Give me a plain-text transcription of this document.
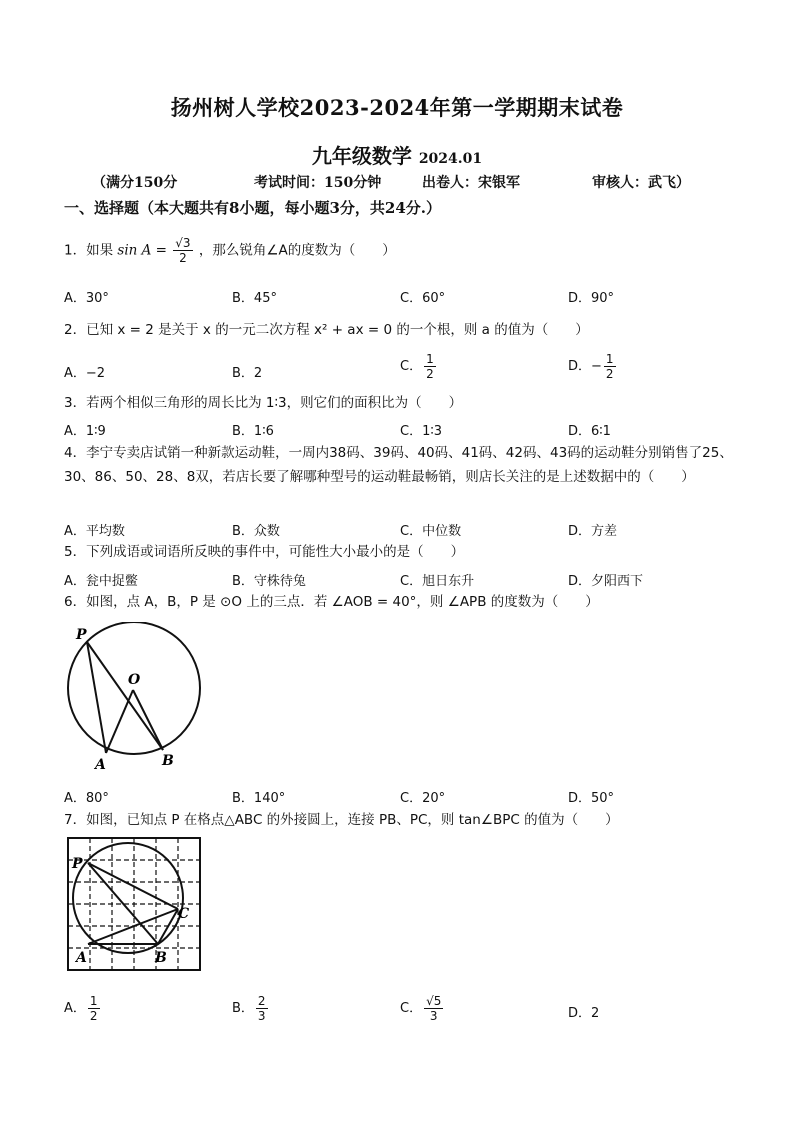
扬州树人学校2023-2024年第一学期期末试卷
九年级数学 2024.01
（满分150分	考试时间：150分钟	出卷人：宋银军	审核人：武飞）
一、选择题（本大题共有8小题，每小题3分，共24分.）
1．如果 $\sin A = \frac{√3}{2}$ ，那么锐角∠A的度数为（　　）
A．30°	B．45°	C．60°	D．90°
2．已知 x = 2 是关于 x 的一元二次方程 x² + ax = 0 的一个根，则 a 的值为（　　）
A．−2	B．2	C． $\frac{1}{2}$	D．− $\frac{1}{2}$
3．若两个相似三角形的周长比为 1∶3，则它们的面积比为（　　）
A．1∶9	B．1∶6	C．1∶3	D．6∶1
4．李宁专卖店试销一种新款运动鞋，一周内38码、39码、40码、41码、42码、43码的运动鞋分别销售了25、30、86、50、28、8双，若店长要了解哪种型号的运动鞋最畅销，则店长关注的是上述数据中的（　　）
A．平均数	B．众数	C．中位数	D．方差
5．下列成语或词语所反映的事件中，可能性大小最小的是（　　）
A．瓮中捉鳖	B．守株待兔	C．旭日东升	D．夕阳西下
6．如图，点 A，B，P 是 ⊙O 上的三点．若 ∠AOB = 40°，则 ∠APB 的度数为（　　）
P
O
A	B
A．80°	B．140°	C．20°	D．50°
7．如图，已知点 P 在格点△ABC 的外接圆上，连接 PB、PC，则 tan∠BPC 的值为（　　）
P
C
A	B
A． $\frac{1}{2}$	B． $\frac{2}{3}$	C． $\frac{√5}{3}$	D．2
